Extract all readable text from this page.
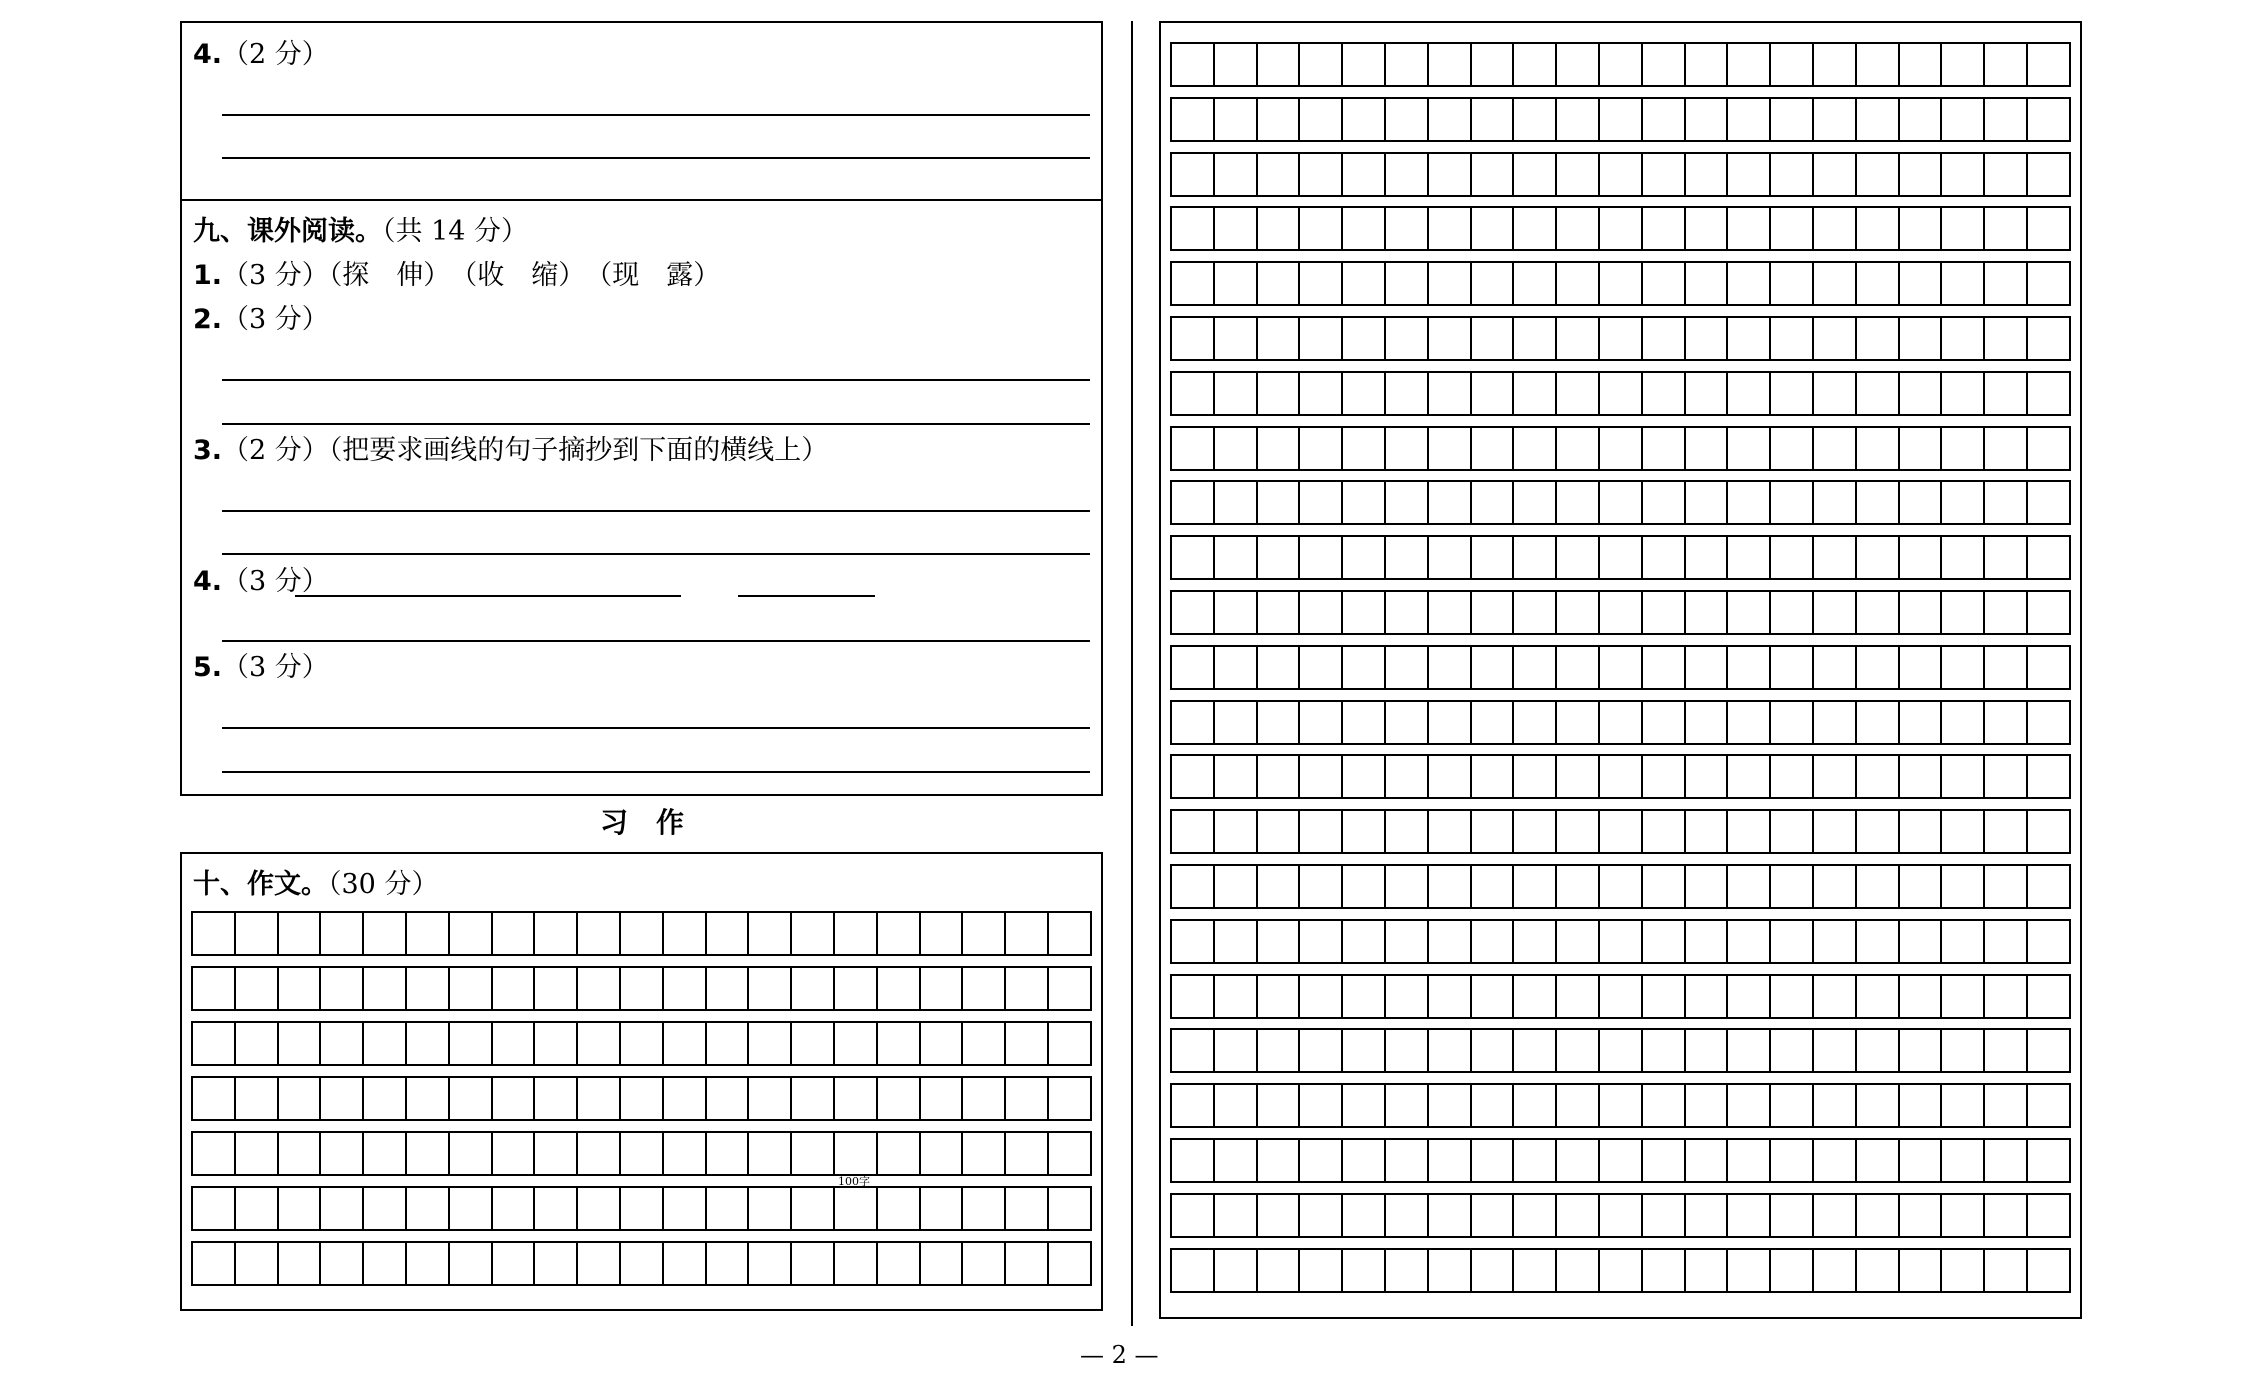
4.（2 分）
九、课外阅读。（共 14 分）
1.（3 分）（探　伸）　（收　缩）　（现　露）
2.（3 分）
3.（2 分）（把要求画线的句子摘抄到下面的横线上）
4.（3 分）
5.（3 分）
习　作
十、作文。（30 分）
100字
— 2 —
